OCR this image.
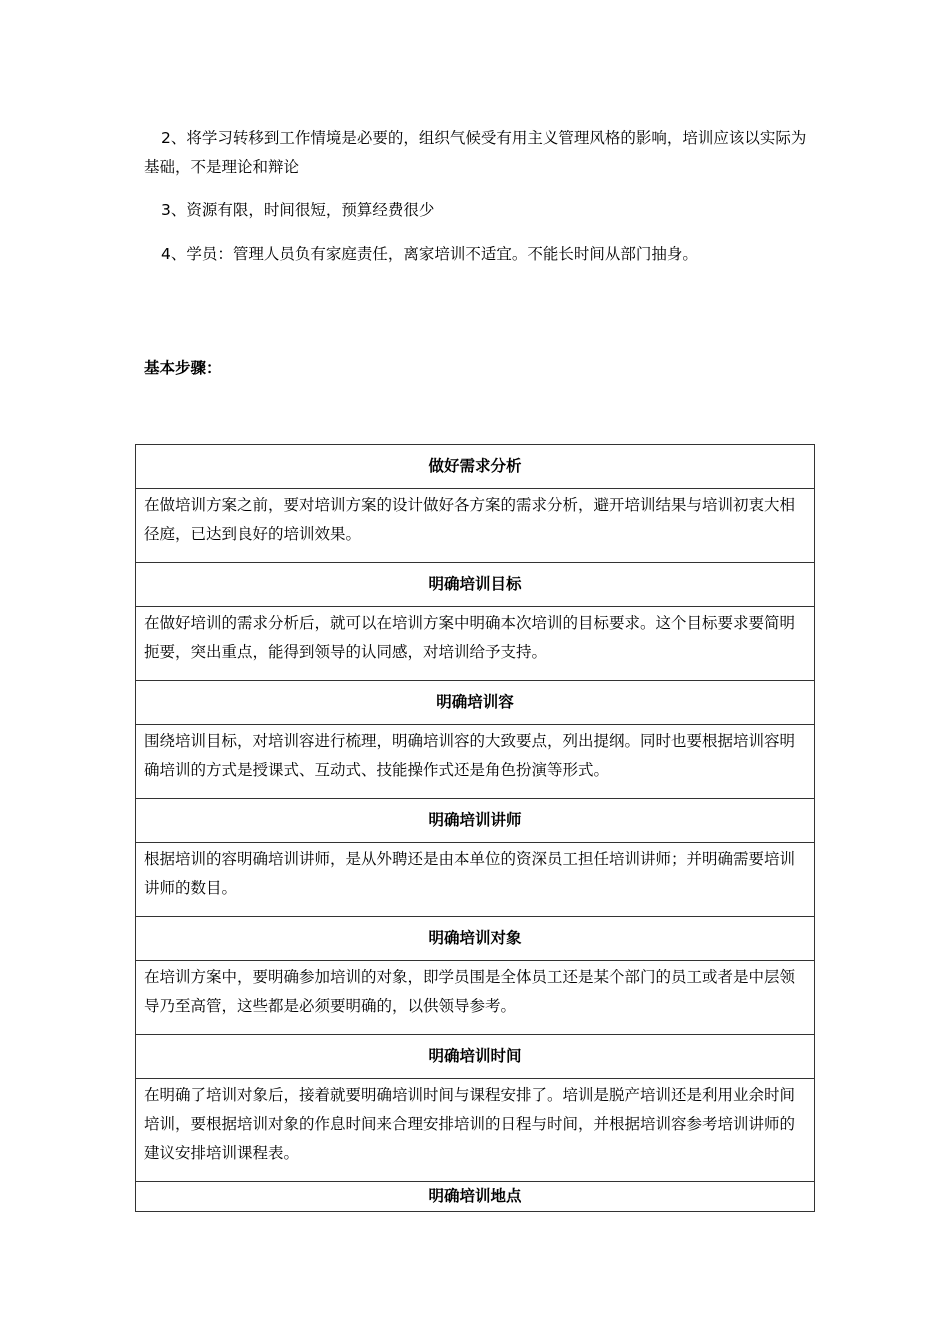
2、将学习转移到工作情境是必要的，组织气候受有用主义管理风格的影响，培训应该以实际为基础，不是理论和辩论

3、资源有限，时间很短，预算经费很少

4、学员：管理人员负有家庭责任，离家培训不适宜。不能长时间从部门抽身。

基本步骤：

做好需求分析

在做培训方案之前，要对培训方案的设计做好各方案的需求分析，避开培训结果与培训初衷大相径庭，已达到良好的培训效果。

明确培训目标

在做好培训的需求分析后，就可以在培训方案中明确本次培训的目标要求。这个目标要求要简明扼要，突出重点，能得到领导的认同感，对培训给予支持。

明确培训容

围绕培训目标，对培训容进行梳理，明确培训容的大致要点，列出提纲。同时也要根据培训容明确培训的方式是授课式、互动式、技能操作式还是角色扮演等形式。

明确培训讲师

根据培训的容明确培训讲师，是从外聘还是由本单位的资深员工担任培训讲师；并明确需要培训讲师的数目。

明确培训对象

在培训方案中，要明确参加培训的对象，即学员围是全体员工还是某个部门的员工或者是中层领导乃至高管，这些都是必须要明确的，以供领导参考。

明确培训时间

在明确了培训对象后，接着就要明确培训时间与课程安排了。培训是脱产培训还是利用业余时间培训，要根据培训对象的作息时间来合理安排培训的日程与时间，并根据培训容参考培训讲师的建议安排培训课程表。

明确培训地点
